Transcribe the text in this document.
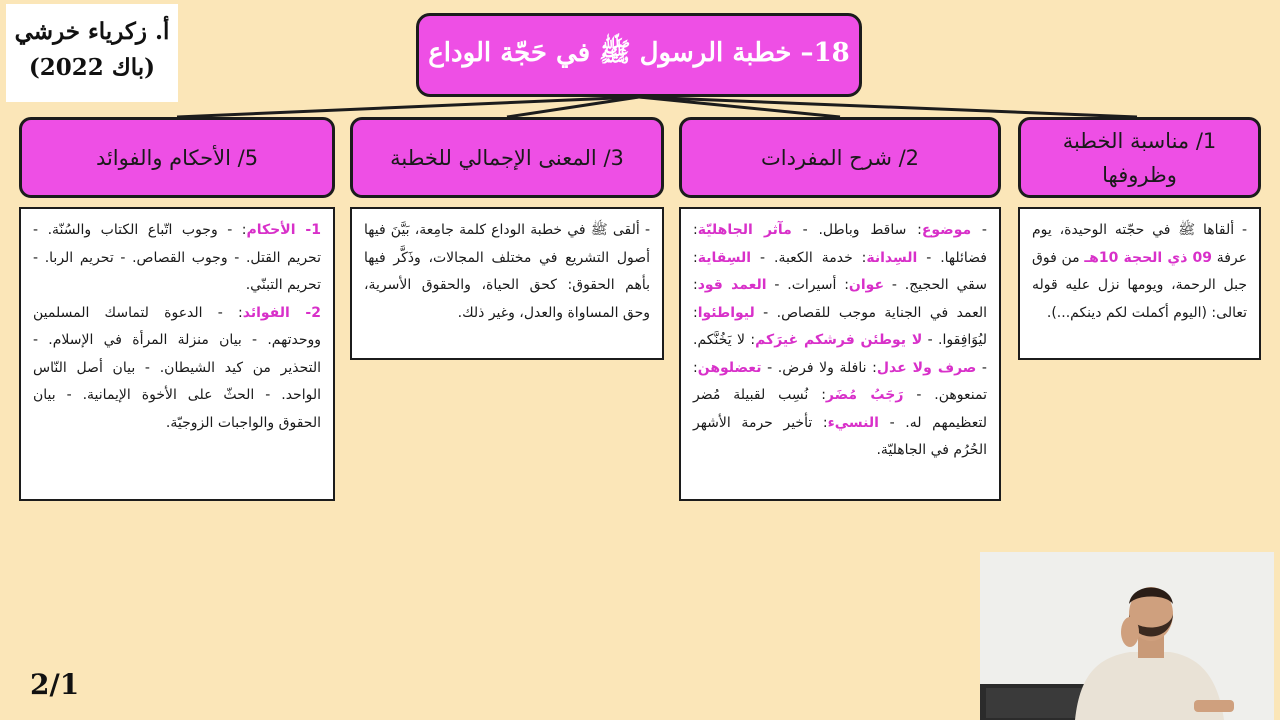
أ. زكرياء خرشي
(باك 2022)	18– خطبة الرسول ﷺ في حَجّة الوداع
1/ مناسبة الخطبة وظروفها
2/ شرح المفردات
3/ المعنى الإجمالي للخطبة
5/ الأحكام والفوائد

- ألقاها ﷺ في حجّته الوحيدة، يوم عرفة 09 ذي الحجة 10هـ من فوق جبل الرحمة، ويومها نزل عليه قوله تعالى: (اليوم أكملت لكم دينكم...).

- موضوع: ساقط وباطل. - مآثر الجاهليّة: فضائلها. - السِدانة: خدمة الكعبة. - السِقاية: سقي الحجيج. - عوان: أسيرات. - العمد قود: العمد في الجناية موجب للقصاص. - ليواطئوا: ليُوَافِقوا. - لا يوطئن فرشكم غيرَكم: لا يَخُنَّكم. - صرف ولا عدل: نافلة ولا فرض. - تعضلوهن: تمنعوهن. - رَجَبُ مُضَر: نُسِب لقبيلة مُضر لتعظيمهم له. - النسيء: تأخير حرمة الأشهر الحُرُم في الجاهليّة.

- ألقى ﷺ في خطبة الوداع كلمة جامِعة، بَيَّنَ فيها أصول التشريع في مختلف المجالات، وذَكَّر فيها بأهم الحقوق: كحق الحياة، والحقوق الأسرية، وحق المساواة والعدل، وغير ذلك.

1- الأحكام: - وجوب اتّباع الكتاب والسُنّة. - تحريم القتل. - وجوب القصاص. - تحريم الربا. - تحريم التبنّي.

2- الفوائد: - الدعوة لتماسك المسلمين ووحدتهم. - بيان منزلة المرأة في الإسلام. - التحذير من كيد الشيطان. - بيان أصل النّاس الواحد. - الحثّ على الأخوة الإيمانية. - بيان الحقوق والواجبات الزوجيّة.

2/1
